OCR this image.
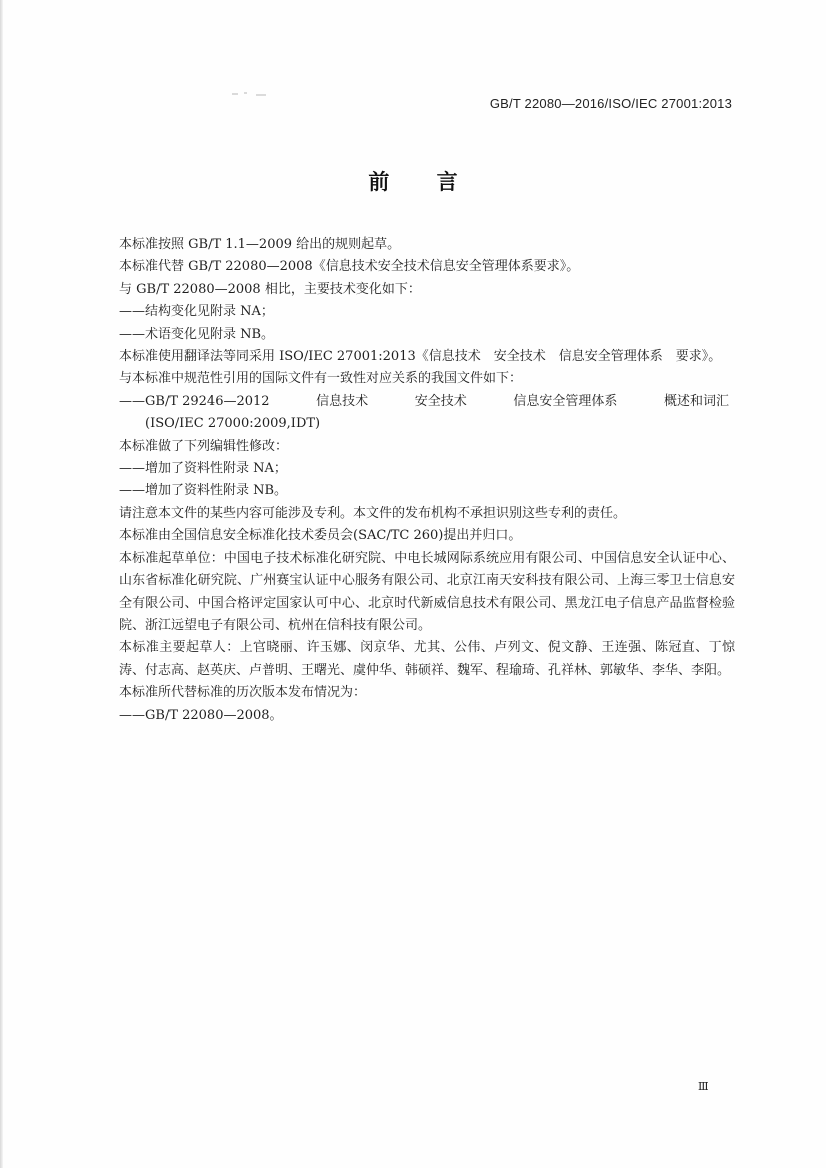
GB/T 22080—2016/ISO/IEC 27001:2013
前 言

本标准按照 GB/T 1.1—2009 给出的规则起草。

本标准代替 GB/T 22080—2008《信息技术安全技术信息安全管理体系要求》。

与 GB/T 22080—2008 相比，主要技术变化如下：

——结构变化见附录 NA；

——术语变化见附录 NB。

本标准使用翻译法等同采用 ISO/IEC 27001:2013《信息技术　安全技术　信息安全管理体系　要求》。

与本标准中规范性引用的国际文件有一致性对应关系的我国文件如下：

——GB/T 29246—2012	信息技术	安全技术	信息安全管理体系	概述和词汇

(ISO/IEC 27000:2009,IDT)

本标准做了下列编辑性修改：

——增加了资料性附录 NA；

——增加了资料性附录 NB。

请注意本文件的某些内容可能涉及专利。本文件的发布机构不承担识别这些专利的责任。

本标准由全国信息安全标准化技术委员会(SAC/TC 260)提出并归口。

本标准起草单位：中国电子技术标准化研究院、中电长城网际系统应用有限公司、中国信息安全认证中心、山东省标准化研究院、广州赛宝认证中心服务有限公司、北京江南天安科技有限公司、上海三零卫士信息安全有限公司、中国合格评定国家认可中心、北京时代新威信息技术有限公司、黑龙江电子信息产品监督检验院、浙江远望电子有限公司、杭州在信科技有限公司。

本标准主要起草人：上官晓丽、许玉娜、闵京华、尤其、公伟、卢列文、倪文静、王连强、陈冠直、丁惊涛、付志高、赵英庆、卢普明、王曙光、虞仲华、韩硕祥、魏军、程瑜琦、孔祥林、郭敏华、李华、李阳。

本标准所代替标准的历次版本发布情况为：

——GB/T 22080—2008。

Ⅲ
